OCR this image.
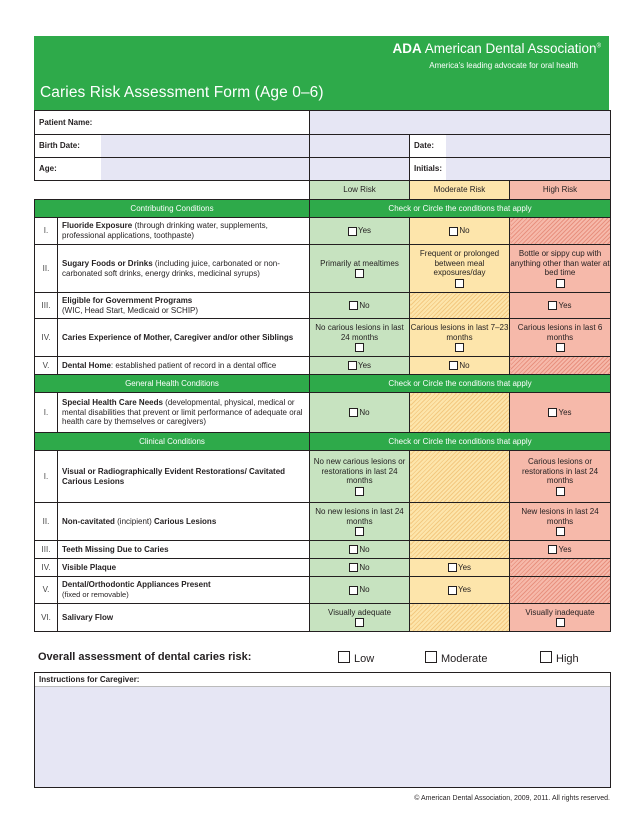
ADA American Dental Association®
America's leading advocate for oral health
Caries Risk Assessment Form (Age 0–6)
Patient Name:				
Birth Date:			Date:	

Age:			Initials:	

		Low Risk	Moderate Risk	High Risk
Contributing Conditions		Check or Circle the conditions that apply		
I.	Fluoride Exposure (through drinking water, supplements, professional applications, toothpaste)	Yes	No	
II.	Sugary Foods or Drinks (including juice, carbonated or non-carbonated soft drinks, energy drinks, medicinal syrups)	Primarily at mealtimes	Frequent or prolonged between meal exposures/day	Bottle or sippy cup with anything other than water at bed time

III.	Eligible for Government Programs
(WIC, Head Start, Medicaid or SCHIP)	No		Yes
IV.	Caries Experience of Mother, Caregiver and/or other Siblings	No carious lesions in last 24 months	Carious lesions in last 7–23 months	Carious lesions in last 6 months

V.	Dental Home: established patient of record in a dental office	Yes	No	
General Health Conditions		Check or Circle the conditions that apply		
I.	Special Health Care Needs (developmental, physical, medical or mental disabilities that prevent or limit performance of adequate oral health care by themselves or caregivers)	No		Yes
Clinical Conditions		Check or Circle the conditions that apply		
I.	Visual or Radiographically Evident Restorations/ Cavitated Carious Lesions	No new carious lesions or restorations in last 24 months		Carious lesions or restorations in last 24 months

II.	Non-cavitated (incipient) Carious Lesions	No new lesions in last 24 months		New lesions in last 24 months

III.	Teeth Missing Due to Caries	No		Yes
IV.	Visible Plaque	No	Yes	
V.	Dental/Orthodontic Appliances Present
(fixed or removable)	No	Yes	
VI.	Salivary Flow	Visually adequate		Visually inadequate
Overall assessment of dental caries risk:	Low	Moderate	High
Instructions for Caregiver:
© American Dental Association, 2009, 2011. All rights reserved.
